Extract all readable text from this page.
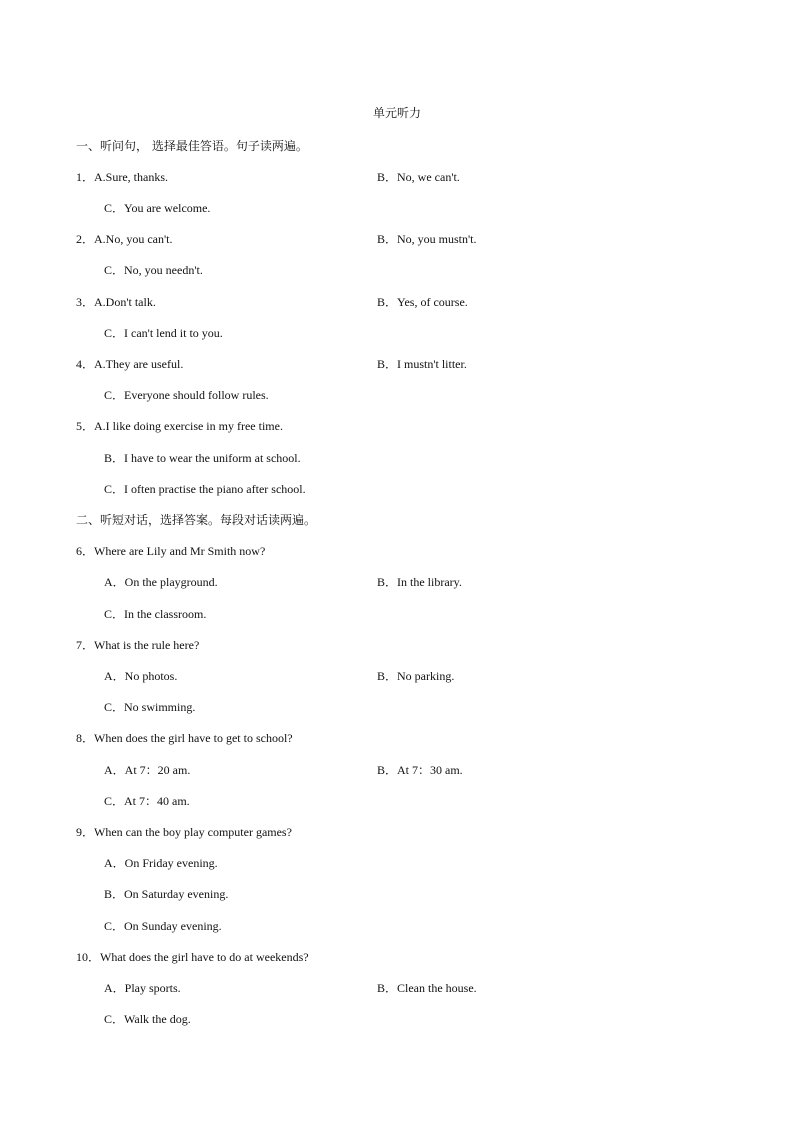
单元听力
一、听问句， 选择最佳答语。句子读两遍。
1．A.Sure, thanks.	B．No, we can't.
C．You are welcome.
2．A.No, you can't.	B．No, you mustn't.
C．No, you needn't.
3．A.Don't talk.	B．Yes, of course.
C．I can't lend it to you.
4．A.They are useful.	B．I mustn't litter.
C．Everyone should follow rules.
5．A.I like doing exercise in my free time.
B．I have to wear the uniform at school.
C．I often practise the piano after school.
二、听短对话，选择答案。每段对话读两遍。
6．Where are Lily and Mr Smith now?
A．On the playground.	B．In the library.
C．In the classroom.
7．What is the rule here?
A．No photos.	B．No parking.
C．No swimming.
8．When does the girl have to get to school?
A．At 7：20 am.	B．At 7：30 am.
C．At 7：40 am.
9．When can the boy play computer games?
A．On Friday evening.
B．On Saturday evening.
C．On Sunday evening.
10．What does the girl have to do at weekends?
A．Play sports.	B．Clean the house.
C．Walk the dog.
